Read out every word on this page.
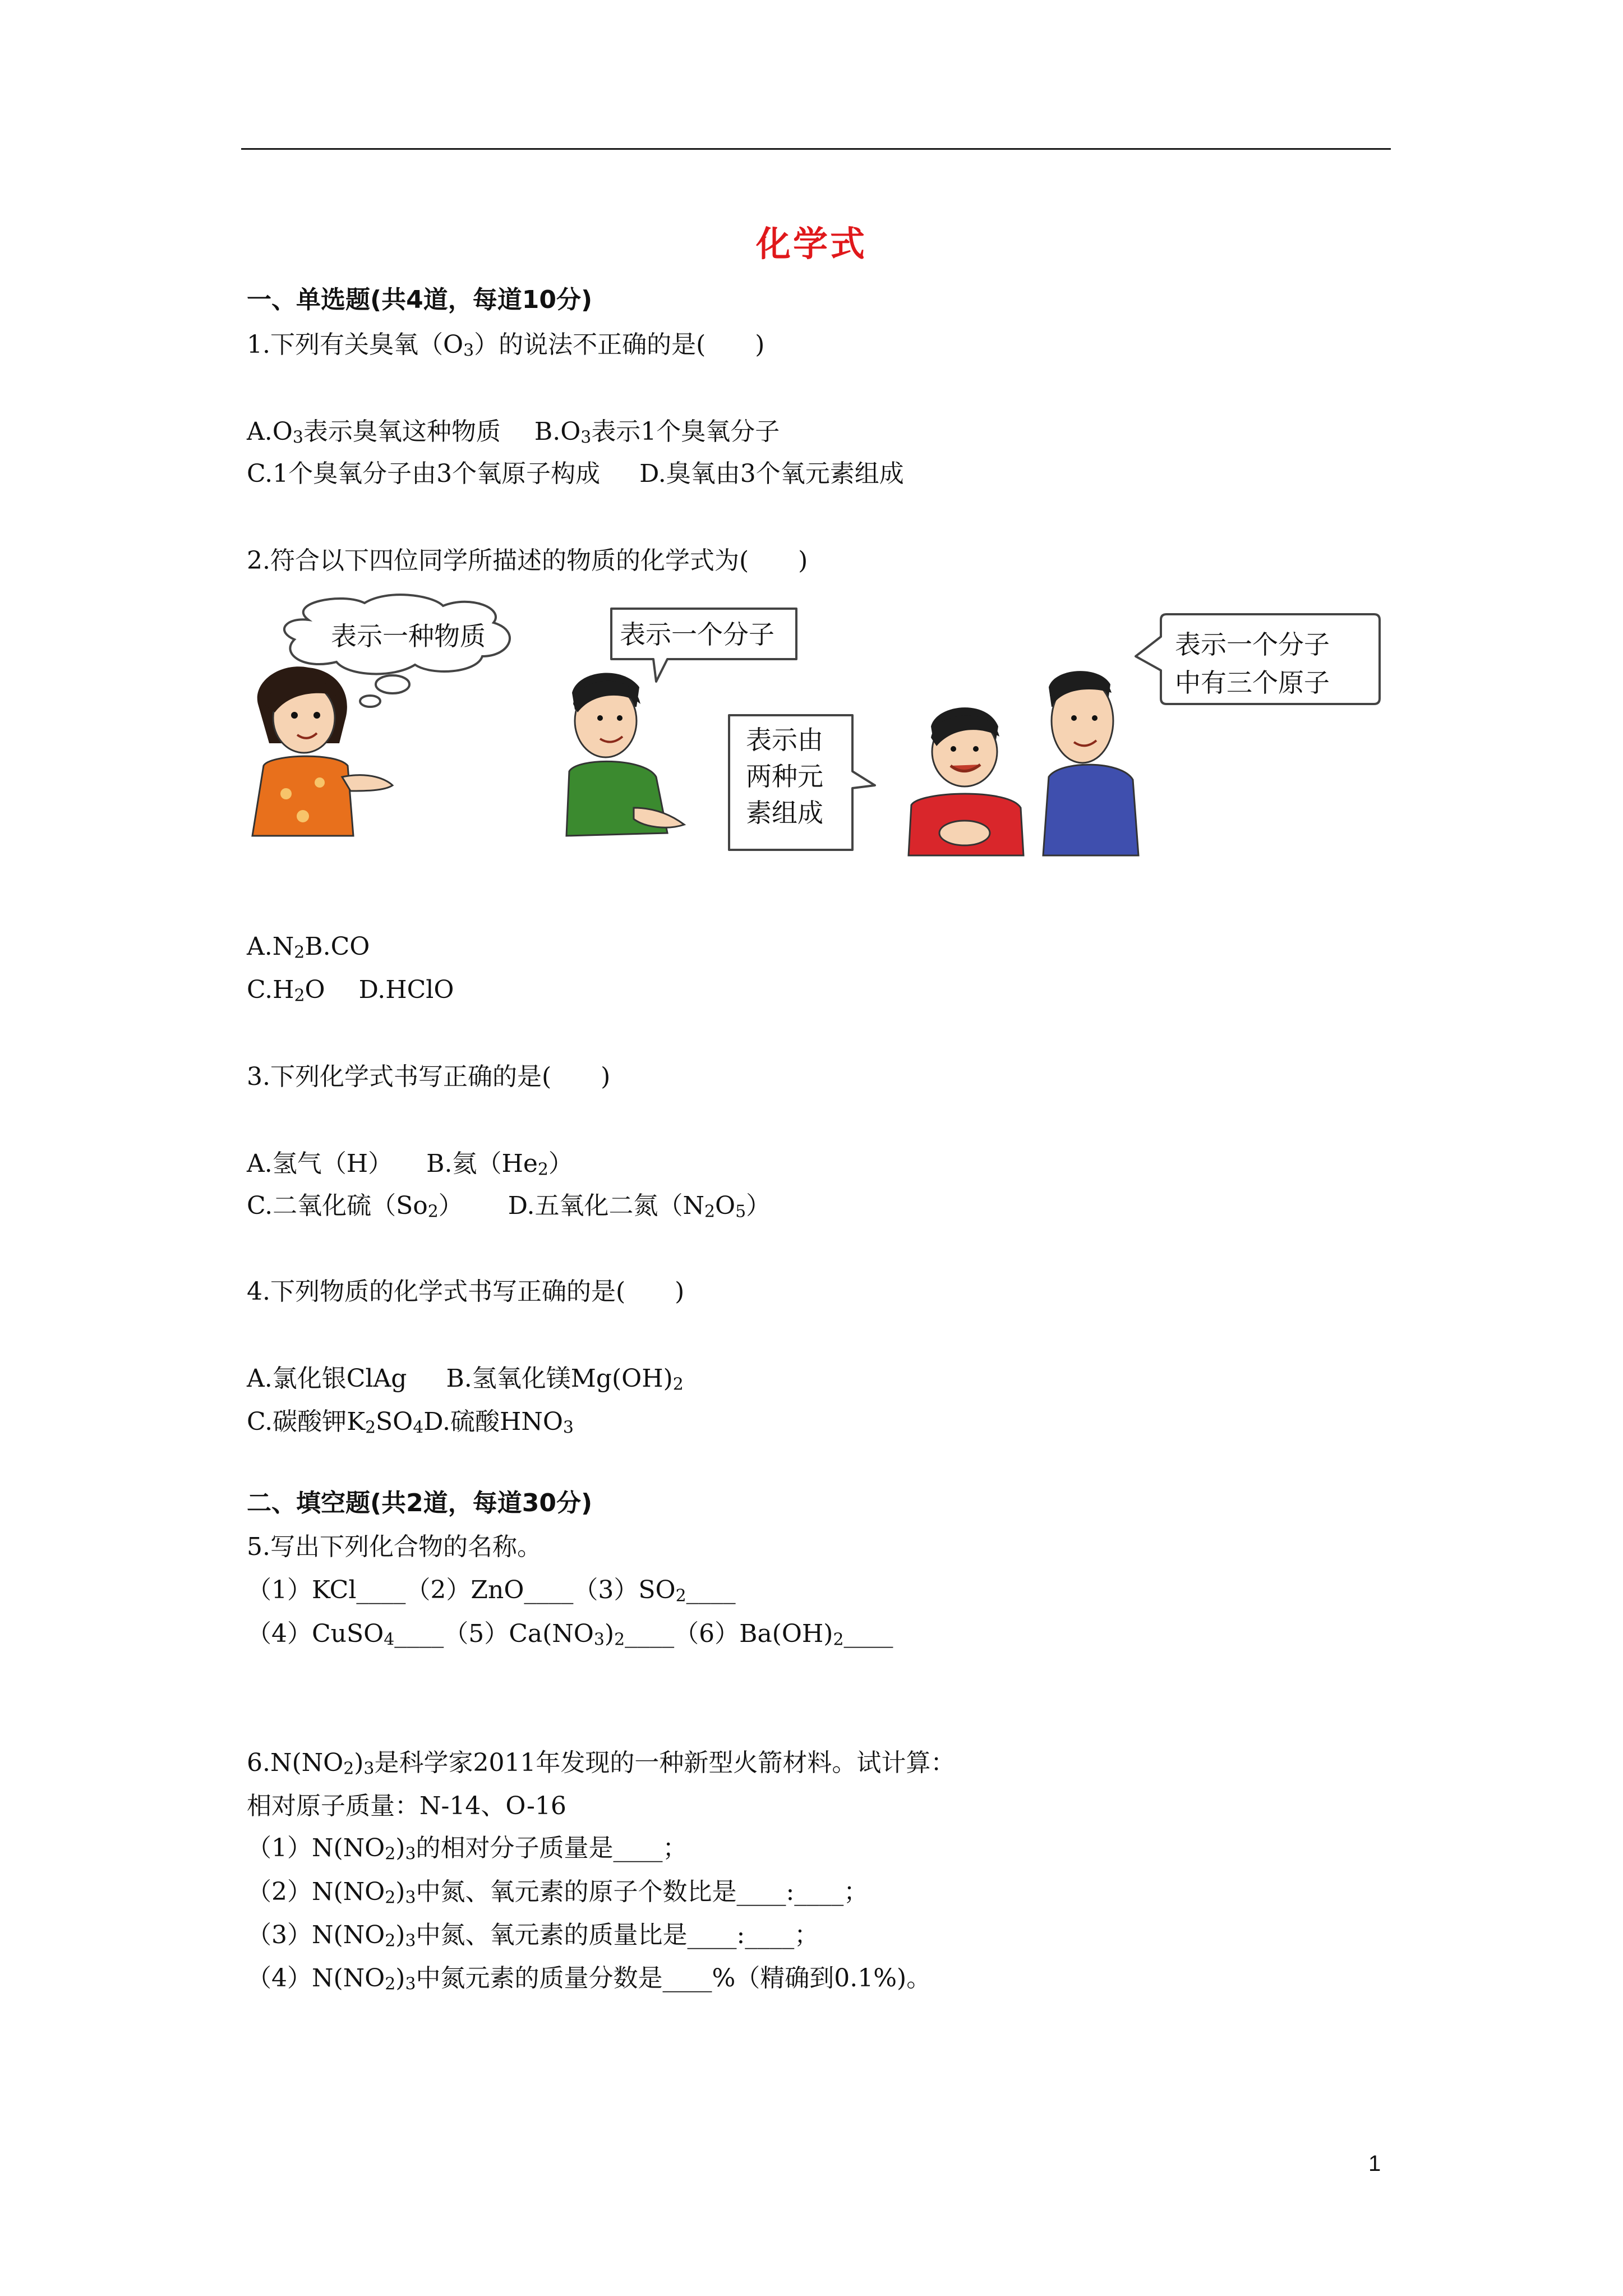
化学式
一、单选题(共4道，每道10分)
1.下列有关臭氧$(O_3)$的说法不正确的是(　　)
$A.O_3$表示臭氧这种物质 $B.O_3$表示1个臭氧分子
C.1个臭氧分子由3个氧原子构成 D.臭氧由3个氧元素组成
2.符合以下四位同学所描述的物质的化学式为(　　)
表示一种物质	表示一个分子
表示由
两种元
素组成
表示一个分子
中有三个原子
$A.N_2B.CO$
$C.H_2O$ D.HClO
3.下列化学式书写正确的是(　　)
A.氢气（H） B.氦$(He_2)$
C.二氧化硫$(So_2)$ D.五氧化二氮$(N_2O_5)$
4.下列物质的化学式书写正确的是(　　)
A.氯化银ClAg B.氢氧化镁$Mg(OH)_2$
C.碳酸钾$K_2SO_4D$.硫酸$HNO_3$
二、填空题(共2道，每道30分)
5.写出下列化合物的名称。
$(1)KCl\_\_\_\_(2)ZnO\_\_\_\_(3)SO_2\_\_\_\_$
$(4)CuSO_4\_\_\_\_(5)Ca(NO_3)_2\_\_\_\_(6)Ba(OH)_2\_\_\_\_$
$6.N(NO_2)_3$是科学家2011年发现的一种新型火箭材料。试计算：
相对原子质量：N-14、O-16
$(1)N(NO_2)_3$的相对分子质量是____；
$(2)N(NO_2)_3$中氮、氧元素的原子个数比是____:____；
$(3)N(NO_2)_3$中氮、氧元素的质量比是____:____；
$(4)N(NO_2)_3$中氮元素的质量分数是____%（精确到0.1%)。
1
